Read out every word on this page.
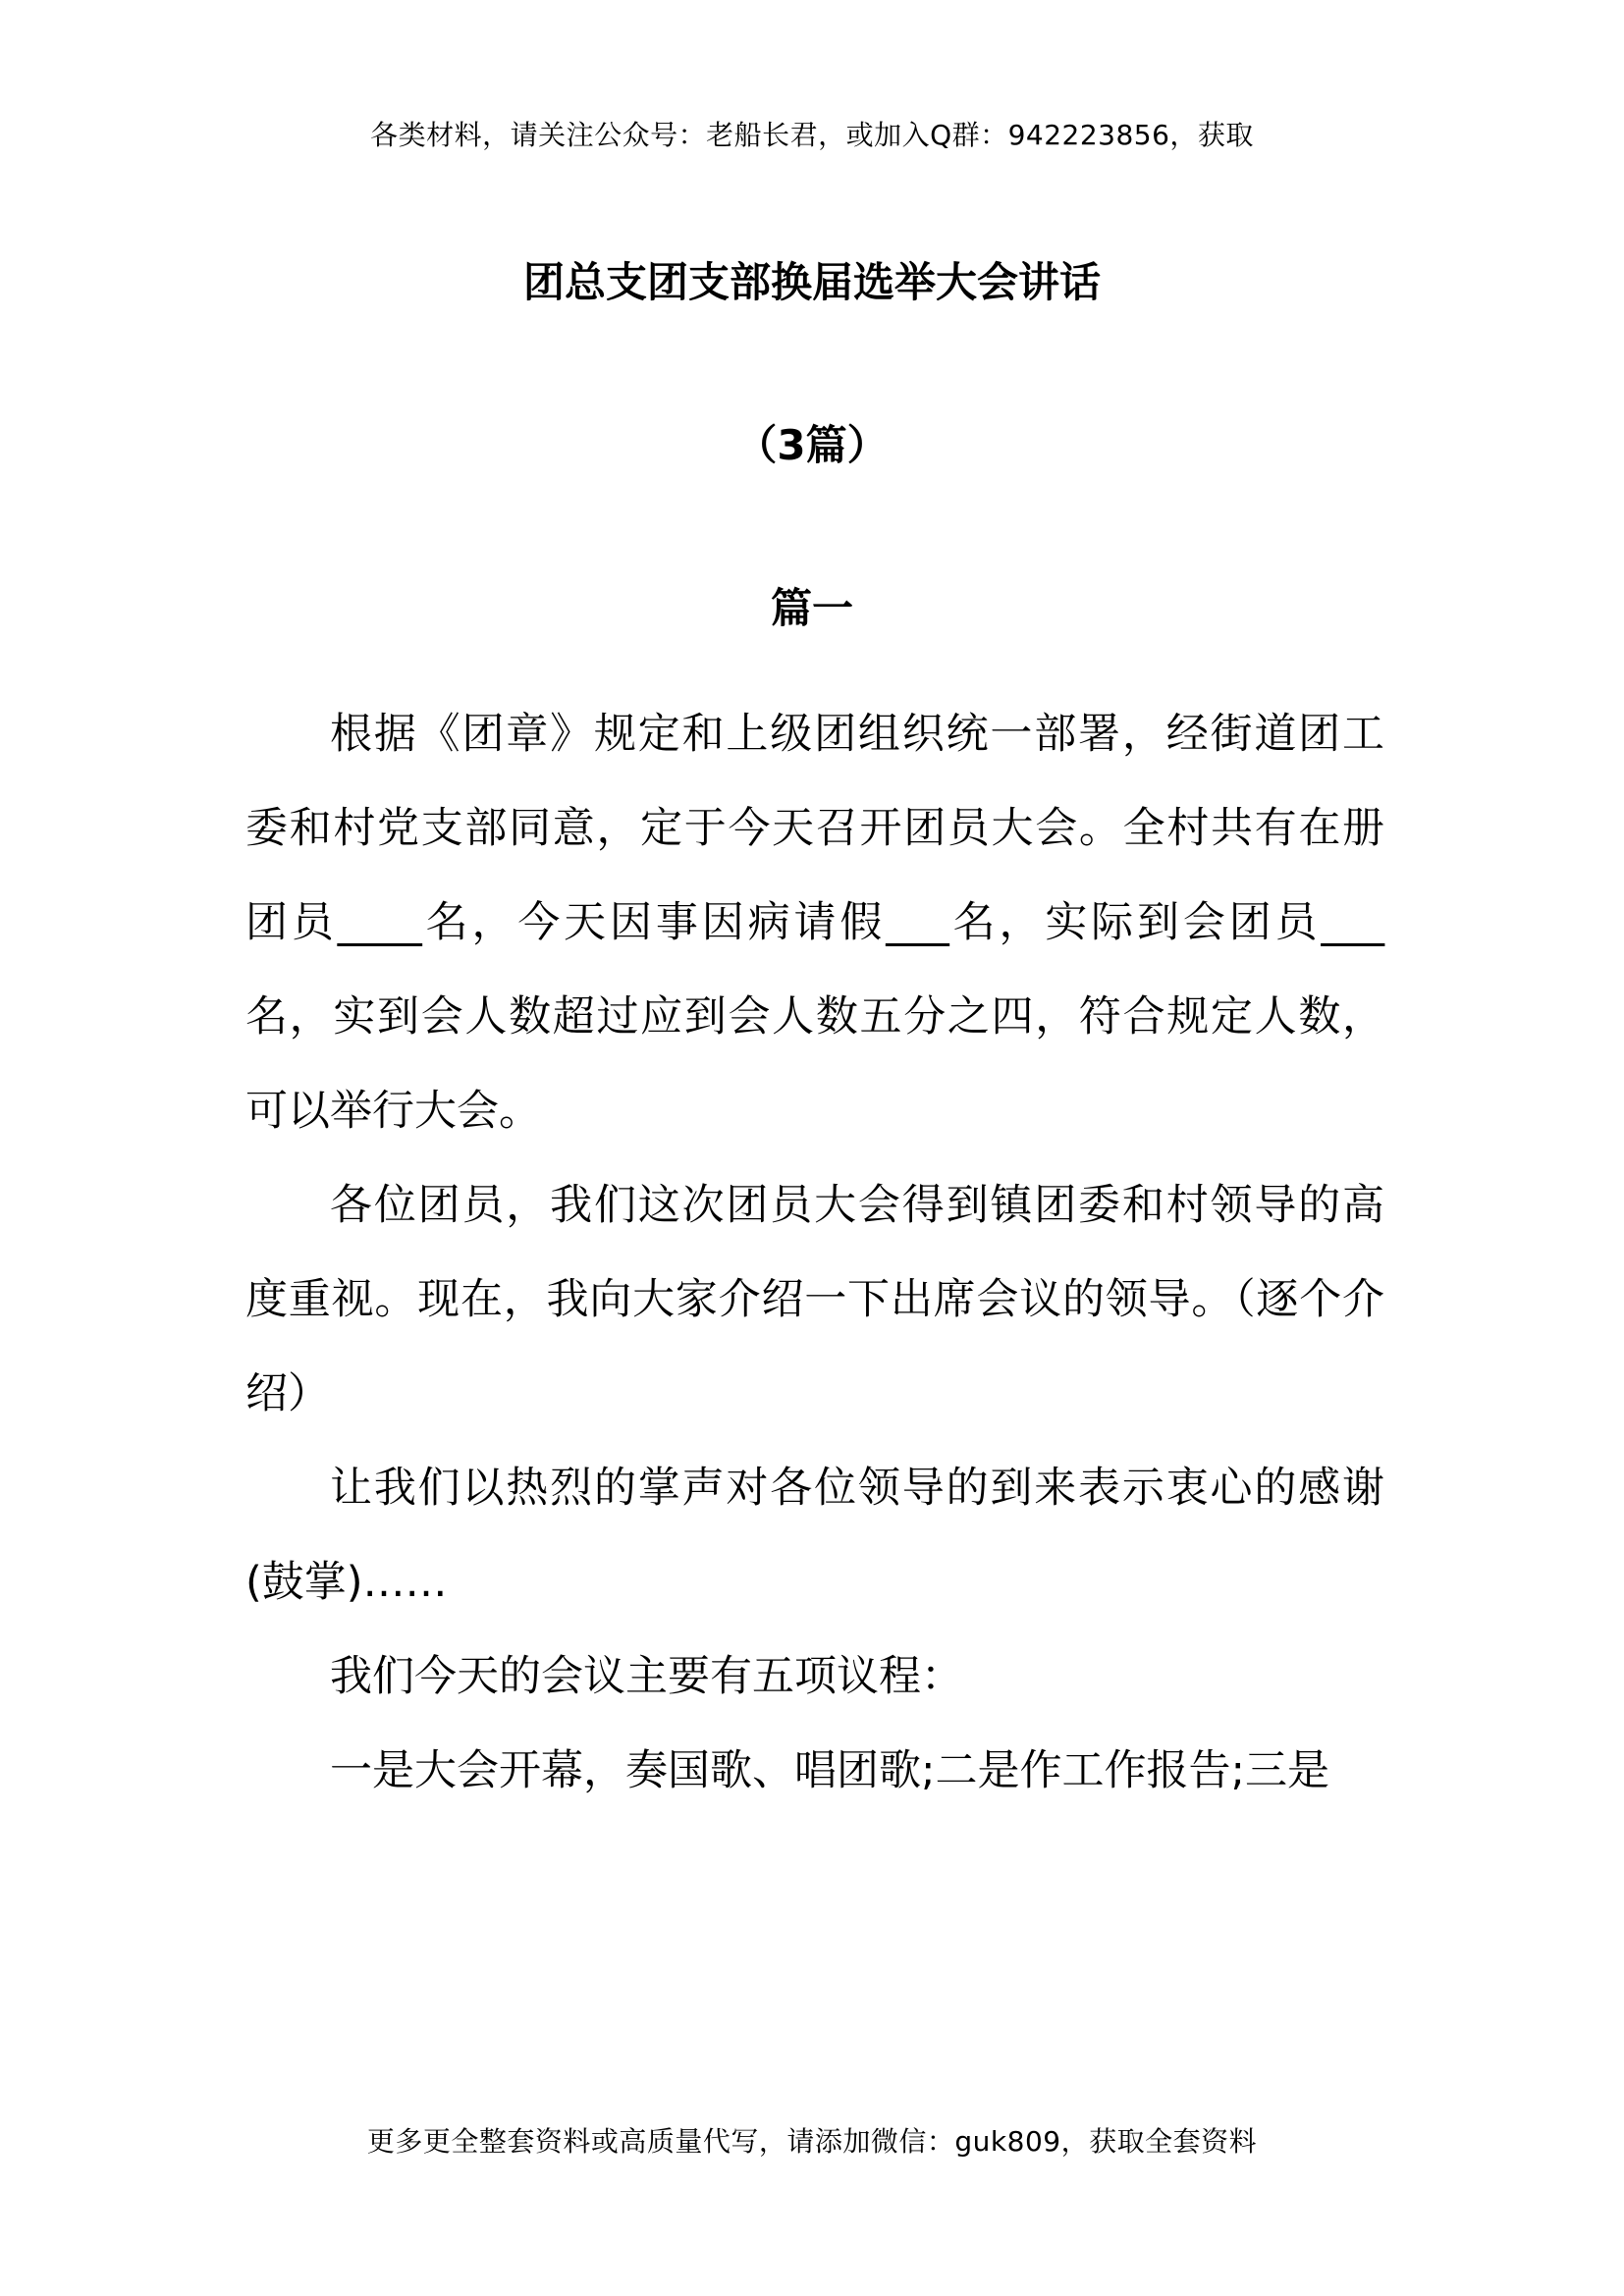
各类材料，请关注公众号：老船长君，或加入Q群：942223856，获取
团总支团支部换届选举大会讲话
（3篇）
篇一

根据《团章》规定和上级团组织统一部署，经街道团工委和村党支部同意，定于今天召开团员大会。全村共有在册团员____名，今天因事因病请假___名，实际到会团员___名，实到会人数超过应到会人数五分之四，符合规定人数，可以举行大会。

各位团员，我们这次团员大会得到镇团委和村领导的高度重视。现在，我向大家介绍一下出席会议的领导。（逐个介绍）

让我们以热烈的掌声对各位领导的到来表示衷心的感谢(鼓掌)……

我们今天的会议主要有五项议程：

一是大会开幕，奏国歌、唱团歌;二是作工作报告;三是

更多更全整套资料或高质量代写，请添加微信：guk809，获取全套资料
